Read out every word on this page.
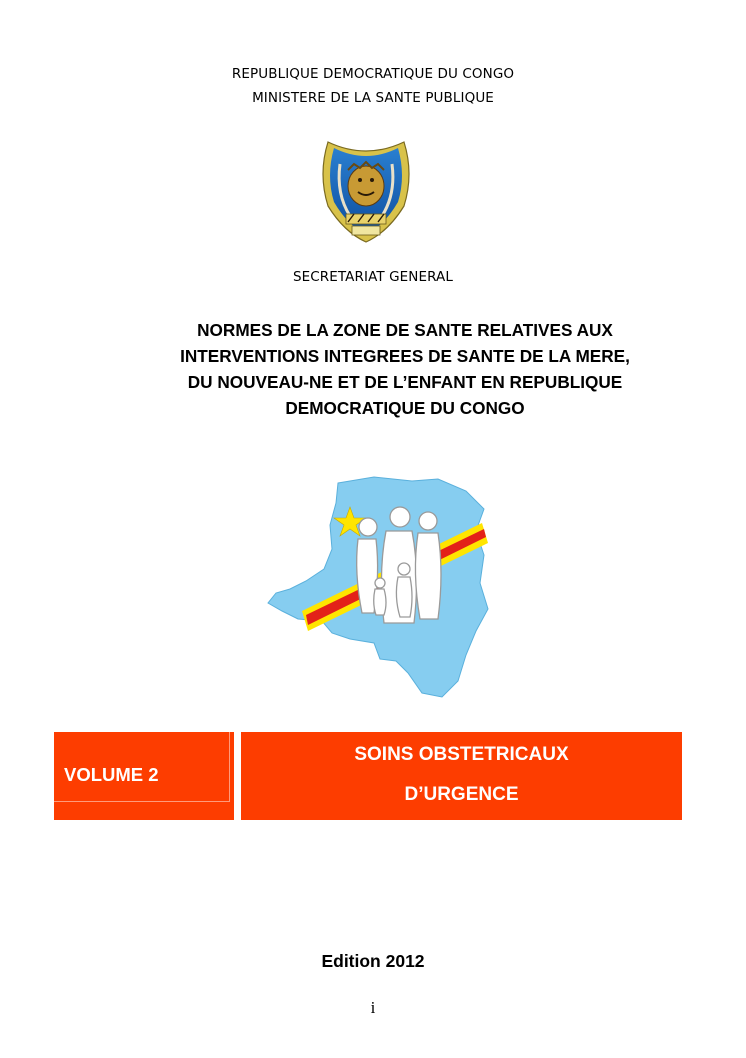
REPUBLIQUE DEMOCRATIQUE DU CONGO
MINISTERE DE LA SANTE PUBLIQUE
SECRETARIAT GENERAL
NORMES DE LA ZONE DE SANTE RELATIVES AUX
INTERVENTIONS INTEGREES DE SANTE DE LA MERE,
DU NOUVEAU-NE ET DE L’ENFANT EN REPUBLIQUE
DEMOCRATIQUE DU CONGO
VOLUME 2
SOINS OBSTETRICAUX
D’URGENCE
Edition 2012
i
